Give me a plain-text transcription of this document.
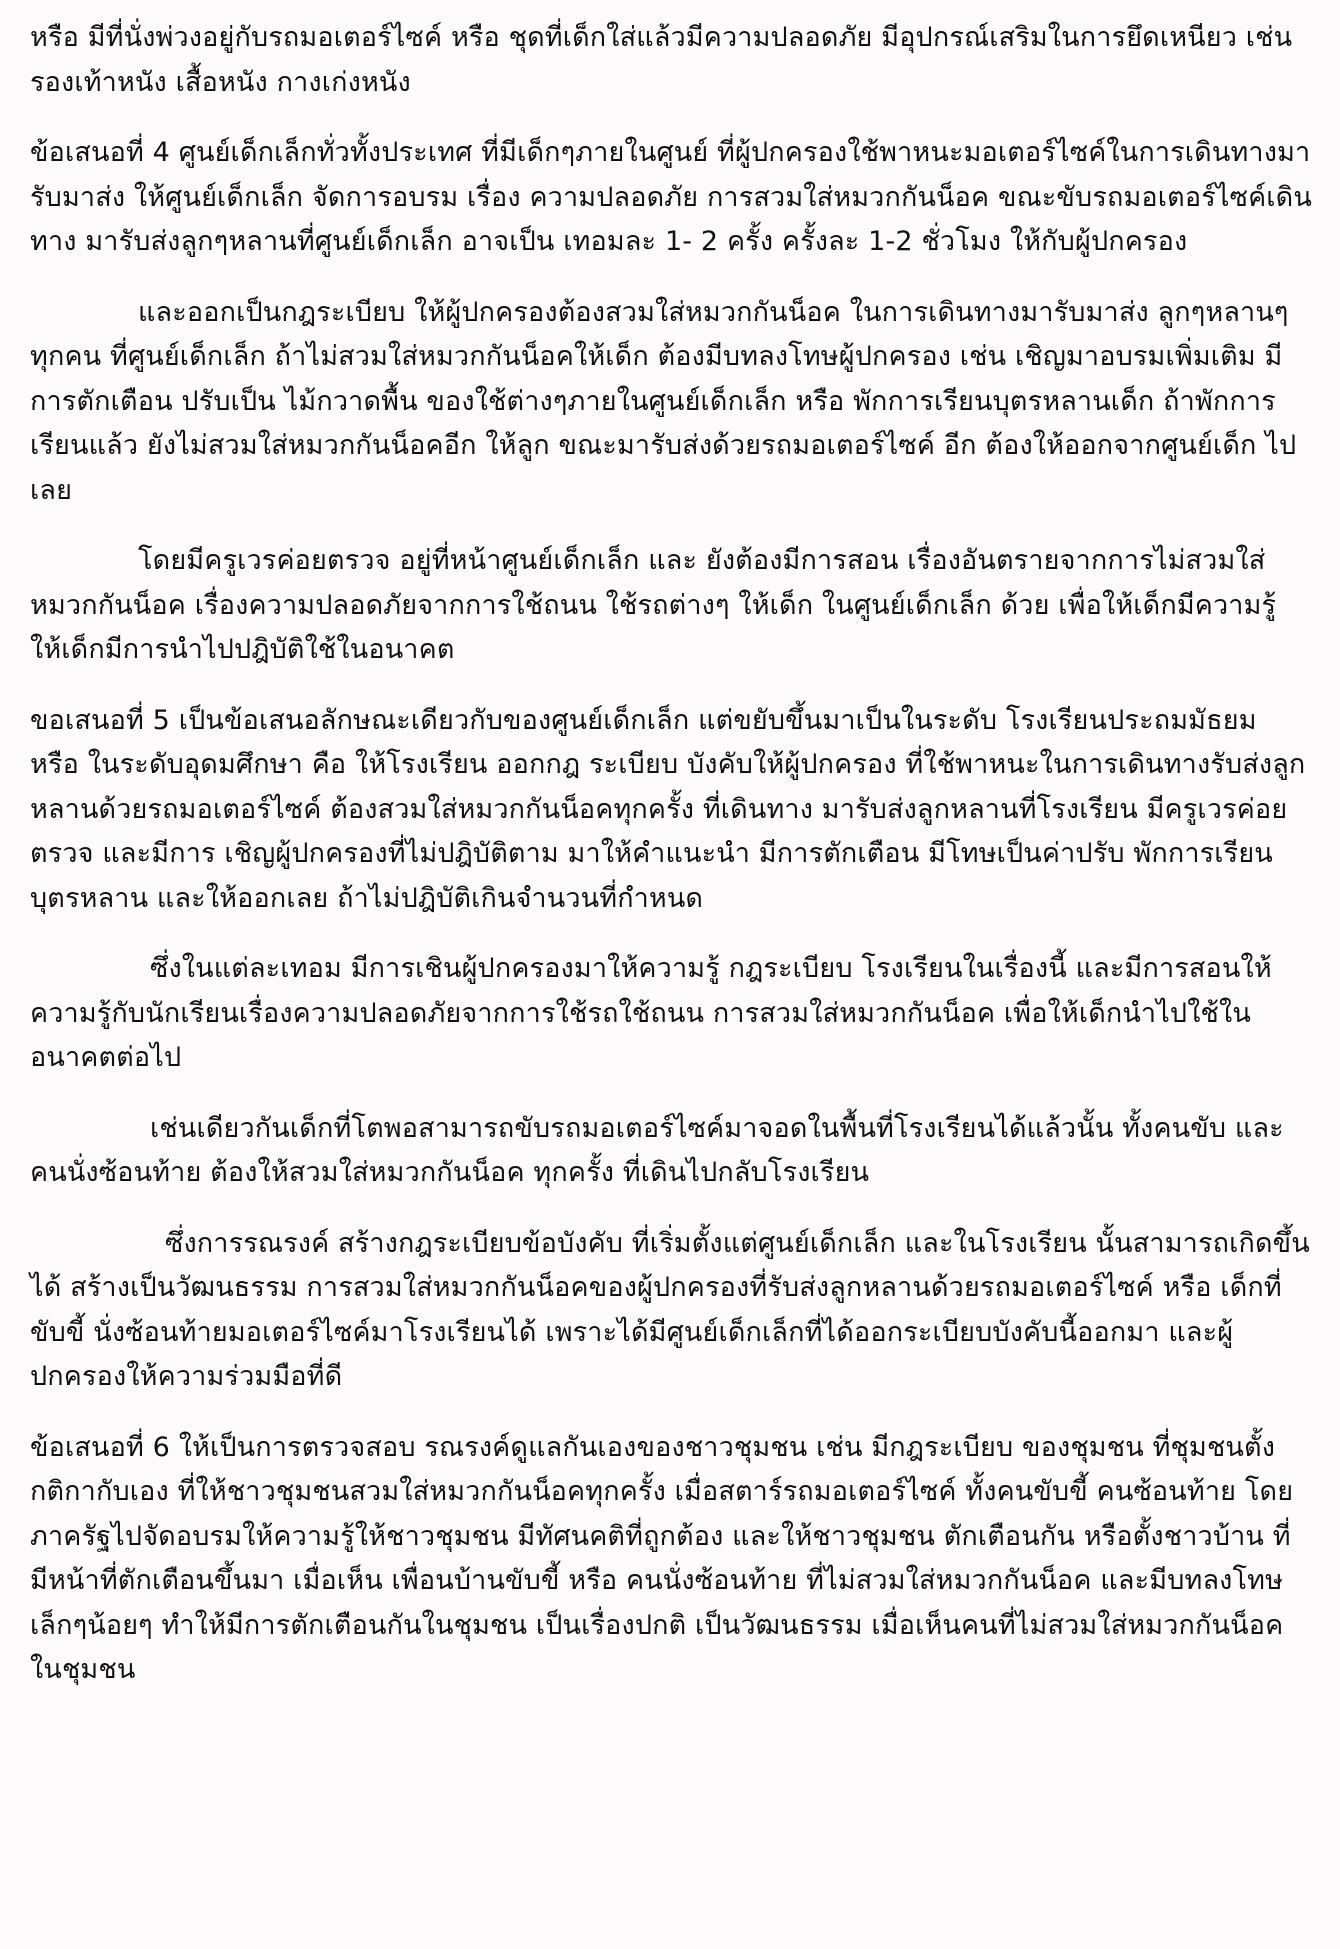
หรือ มีที่นั่งพ่วงอยู่กับรถมอเตอร์ไซค์ หรือ ชุดที่เด็กใส่แล้วมีความปลอดภัย มีอุปกรณ์เสริมในการยึดเหนียว เช่น รองเท้าหนัง เสื้อหนัง กางเก่งหนัง

ข้อเสนอที่ 4 ศูนย์เด็กเล็กทั่วทั้งประเทศ ที่มีเด็กๆภายในศูนย์ ที่ผู้ปกครองใช้พาหนะมอเตอร์ไซค์ในการเดินทางมารับมาส่ง ให้ศูนย์เด็กเล็ก จัดการอบรม เรื่อง ความปลอดภัย การสวมใส่หมวกกันน็อค ขณะขับรถมอเตอร์ไซค์เดินทาง มารับส่งลูกๆหลานที่ศูนย์เด็กเล็ก อาจเป็น เทอมละ 1- 2 ครั้ง ครั้งละ 1-2 ชั่วโมง ให้กับผู้ปกครอง

และออกเป็นกฎระเบียบ ให้ผู้ปกครองต้องสวมใส่หมวกกันน็อค ในการเดินทางมารับมาส่ง ลูกๆหลานๆทุกคน ที่ศูนย์เด็กเล็ก ถ้าไม่สวมใส่หมวกกันน็อคให้เด็ก ต้องมีบทลงโทษผู้ปกครอง เช่น เชิญมาอบรมเพิ่มเติม มีการตักเตือน ปรับเป็น ไม้กวาดพื้น ของใช้ต่างๆภายในศูนย์เด็กเล็ก หรือ พักการเรียนบุตรหลานเด็ก ถ้าพักการเรียนแล้ว ยังไม่สวมใส่หมวกกันน็อคอีก ให้ลูก ขณะมารับส่งด้วยรถมอเตอร์ไซค์ อีก ต้องให้ออกจากศูนย์เด็ก ไปเลย

โดยมีครูเวรค่อยตรวจ อยู่ที่หน้าศูนย์เด็กเล็ก และ ยังต้องมีการสอน เรื่องอันตรายจากการไม่สวมใส่หมวกกันน็อค เรื่องความปลอดภัยจากการใช้ถนน ใช้รถต่างๆ ให้เด็ก ในศูนย์เด็กเล็ก ด้วย เพื่อให้เด็กมีความรู้ ให้เด็กมีการนำไปปฎิบัติใช้ในอนาคต

ขอเสนอที่ 5 เป็นข้อเสนอลักษณะเดียวกับของศูนย์เด็กเล็ก แต่ขยับขึ้นมาเป็นในระดับ โรงเรียนประถมมัธยม หรือ ในระดับอุดมศึกษา คือ ให้โรงเรียน ออกกฎ ระเบียบ บังคับให้ผู้ปกครอง ที่ใช้พาหนะในการเดินทางรับส่งลูกหลานด้วยรถมอเตอร์ไซค์ ต้องสวมใส่หมวกกันน็อคทุกครั้ง ที่เดินทาง มารับส่งลูกหลานที่โรงเรียน มีครูเวรค่อยตรวจ และมีการ เชิญผู้ปกครองที่ไม่ปฎิบัติตาม มาให้คำแนะนำ มีการตักเตือน มีโทษเป็นค่าปรับ พักการเรียนบุตรหลาน และให้ออกเลย ถ้าไม่ปฎิบัติเกินจำนวนที่กำหนด

ซึ่งในแต่ละเทอม มีการเชินผู้ปกครองมาให้ความรู้ กฎระเบียบ โรงเรียนในเรื่องนี้ และมีการสอนให้ความรู้กับนักเรียนเรื่องความปลอดภัยจากการใช้รถใช้ถนน การสวมใส่หมวกกันน็อค เพื่อให้เด็กนำไปใช้ในอนาคตต่อไป

เช่นเดียวกันเด็กที่โตพอสามารถขับรถมอเตอร์ไซค์มาจอดในพื้นที่โรงเรียนได้แล้วนั้น ทั้งคนขับ และ คนนั่งซ้อนท้าย ต้องให้สวมใส่หมวกกันน็อค ทุกครั้ง ที่เดินไปกลับโรงเรียน

ซึ่งการรณรงค์ สร้างกฎระเบียบข้อบังคับ ที่เริ่มตั้งแต่ศูนย์เด็กเล็ก และในโรงเรียน นั้นสามารถเกิดขึ้นได้ สร้างเป็นวัฒนธรรม การสวมใส่หมวกกันน็อคของผู้ปกครองที่รับส่งลูกหลานด้วยรถมอเตอร์ไซค์ หรือ เด็กที่ขับขี้ นั่งซ้อนท้ายมอเตอร์ไซค์มาโรงเรียนได้ เพราะได้มีศูนย์เด็กเล็กที่ได้ออกระเบียบบังคับนี้ออกมา และผู้ปกครองให้ความร่วมมือที่ดี

ข้อเสนอที่ 6 ให้เป็นการตรวจสอบ รณรงค์ดูแลกันเองของชาวชุมชน เช่น มีกฎระเบียบ ของชุมชน ที่ชุมชนตั้ง กติกากับเอง ที่ให้ชาวชุมชนสวมใส่หมวกกันน็อคทุกครั้ง เมื่อสตาร์รถมอเตอร์ไซค์ ทั้งคนขับขี้ คนซ้อนท้าย โดยภาครัฐไปจัดอบรมให้ความรู้ให้ชาวชุมชน มีทัศนคติที่ถูกต้อง และให้ชาวชุมชน ตักเตือนกัน หรือตั้งชาวบ้าน ที่มีหน้าที่ตักเตือนขึ้นมา เมื่อเห็น เพื่อนบ้านขับขี้ หรือ คนนั่งซ้อนท้าย ที่ไม่สวมใส่หมวกกันน็อค และมีบทลงโทษเล็กๆน้อยๆ ทำให้มีการตักเตือนกันในชุมชน เป็นเรื่องปกติ เป็นวัฒนธรรม เมื่อเห็นคนที่ไม่สวมใส่หมวกกันน็อค ในชุมชน
